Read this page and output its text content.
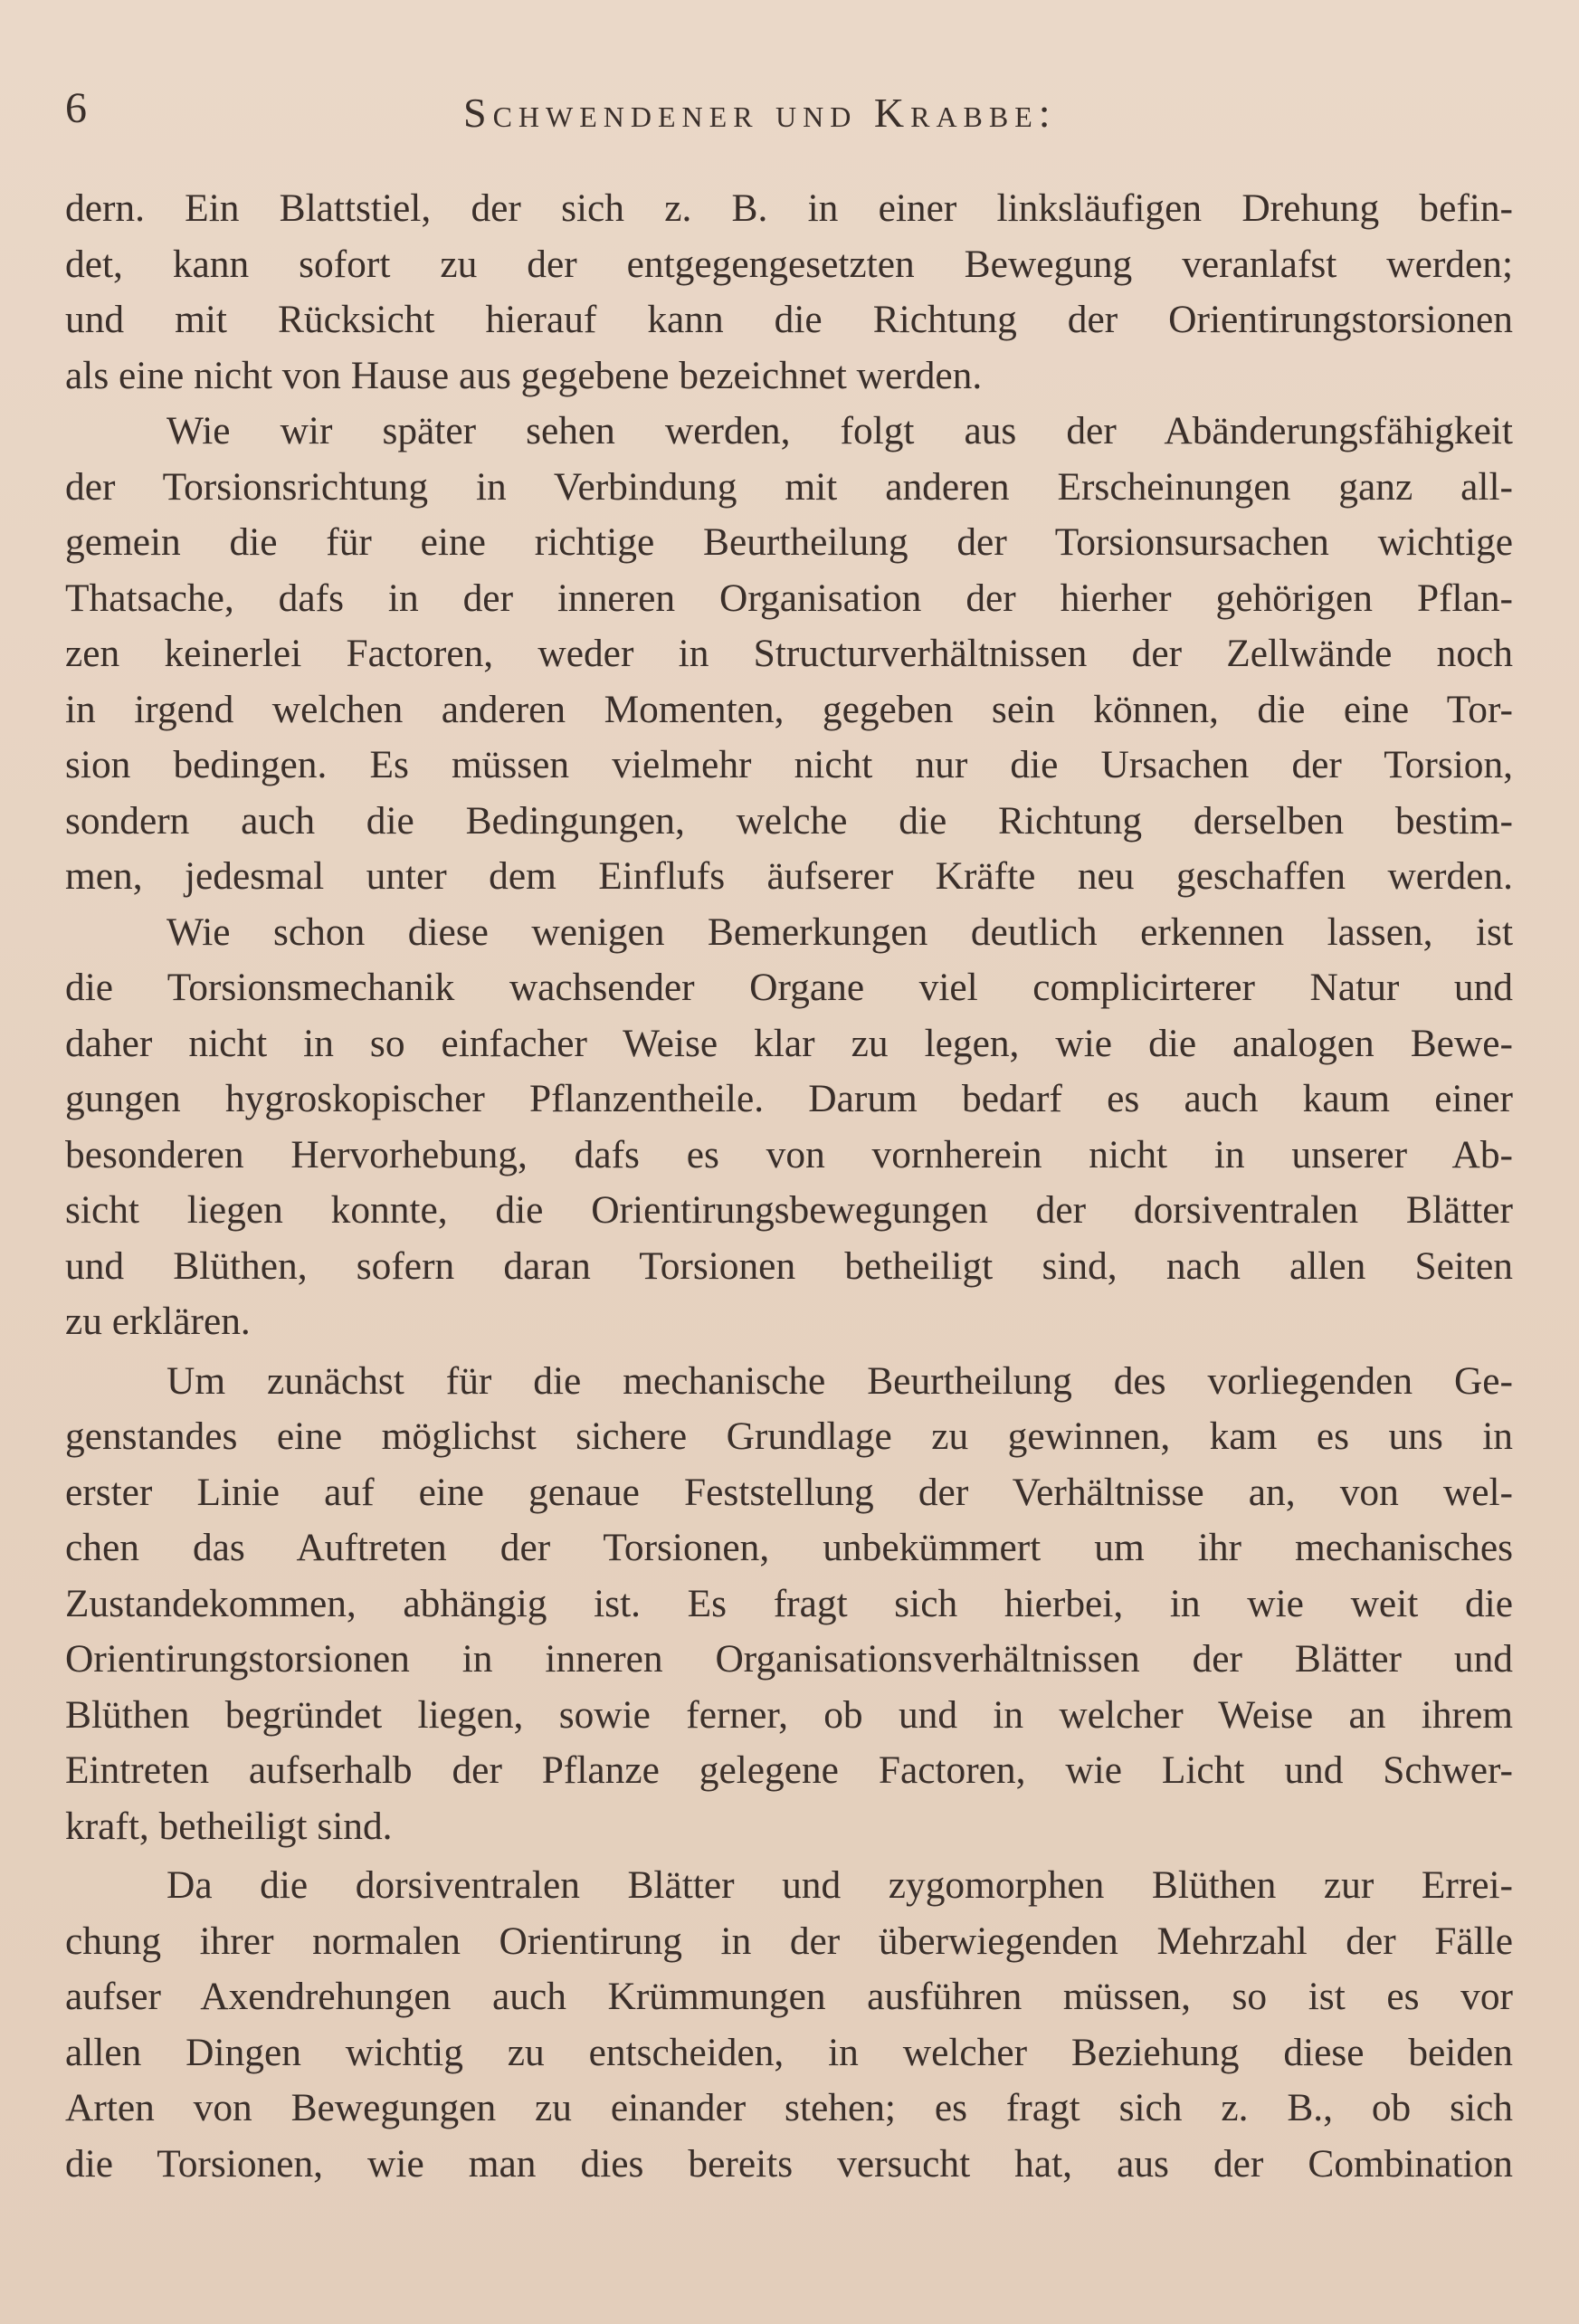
6	Schwendener und Krabbe:
dern. Ein Blattstiel, der sich z. B. in einer linksläufigen Drehung befin-
det, kann sofort zu der entgegengesetzten Bewegung veranlafst werden;
und mit Rücksicht hierauf kann die Richtung der Orientirungstorsionen
als eine nicht von Hause aus gegebene bezeichnet werden.
Wie wir später sehen werden, folgt aus der Abänderungsfähigkeit
der Torsionsrichtung in Verbindung mit anderen Erscheinungen ganz all-
gemein die für eine richtige Beurtheilung der Torsionsursachen wichtige
Thatsache, dafs in der inneren Organisation der hierher gehörigen Pflan-
zen keinerlei Factoren, weder in Structurverhältnissen der Zellwände noch
in irgend welchen anderen Momenten, gegeben sein können, die eine Tor-
sion bedingen. Es müssen vielmehr nicht nur die Ursachen der Torsion,
sondern auch die Bedingungen, welche die Richtung derselben bestim-
men, jedesmal unter dem Einflufs äufserer Kräfte neu geschaffen werden.
Wie schon diese wenigen Bemerkungen deutlich erkennen lassen, ist
die Torsionsmechanik wachsender Organe viel complicirterer Natur und
daher nicht in so einfacher Weise klar zu legen, wie die analogen Bewe-
gungen hygroskopischer Pflanzentheile. Darum bedarf es auch kaum einer
besonderen Hervorhebung, dafs es von vornherein nicht in unserer Ab-
sicht liegen konnte, die Orientirungsbewegungen der dorsiventralen Blätter
und Blüthen, sofern daran Torsionen betheiligt sind, nach allen Seiten
zu erklären.
Um zunächst für die mechanische Beurtheilung des vorliegenden Ge-
genstandes eine möglichst sichere Grundlage zu gewinnen, kam es uns in
erster Linie auf eine genaue Feststellung der Verhältnisse an, von wel-
chen das Auftreten der Torsionen, unbekümmert um ihr mechanisches
Zustandekommen, abhängig ist. Es fragt sich hierbei, in wie weit die
Orientirungstorsionen in inneren Organisationsverhältnissen der Blätter und
Blüthen begründet liegen, sowie ferner, ob und in welcher Weise an ihrem
Eintreten aufserhalb der Pflanze gelegene Factoren, wie Licht und Schwer-
kraft, betheiligt sind.
Da die dorsiventralen Blätter und zygomorphen Blüthen zur Errei-
chung ihrer normalen Orientirung in der überwiegenden Mehrzahl der Fälle
aufser Axendrehungen auch Krümmungen ausführen müssen, so ist es vor
allen Dingen wichtig zu entscheiden, in welcher Beziehung diese beiden
Arten von Bewegungen zu einander stehen; es fragt sich z. B., ob sich
die Torsionen, wie man dies bereits versucht hat, aus der Combination
